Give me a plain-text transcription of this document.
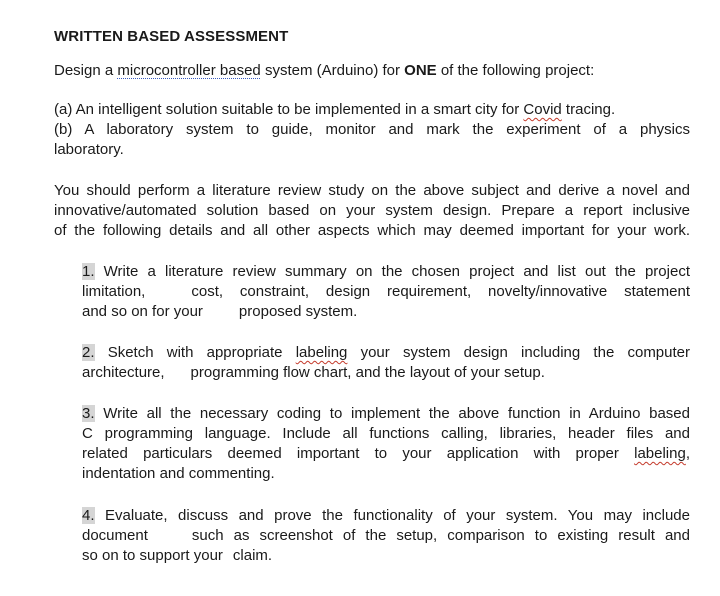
WRITTEN BASED ASSESSMENT
Design a microcontroller based system (Arduino) for ONE of the following project:
(a) An intelligent solution suitable to be implemented in a smart city for Covid tracing.
(b) A laboratory system to guide, monitor and mark the experiment of a physics
laboratory.
You should perform a literature review study on the above subject and derive a novel and
innovative/automated solution based on your system design. Prepare a report inclusive
of the following details and all other aspects which may deemed important for your work.
1. Write a literature review summary on the chosen project and list out the project
limitation,	cost, constraint, design requirement, novelty/innovative statement
and so on for your proposed system.
2. Sketch with appropriate labeling your system design including the computer
architecture, programming flow chart, and the layout of your setup.
3. Write all the necessary coding to implement the above function in Arduino based
C programming language. Include all functions calling, libraries, header files and
related particulars deemed important to your application with proper labeling,
indentation and commenting.
4. Evaluate, discuss and prove the functionality of your system. You may include
document	such as screenshot of the setup, comparison to existing result and
so on to support your claim.
